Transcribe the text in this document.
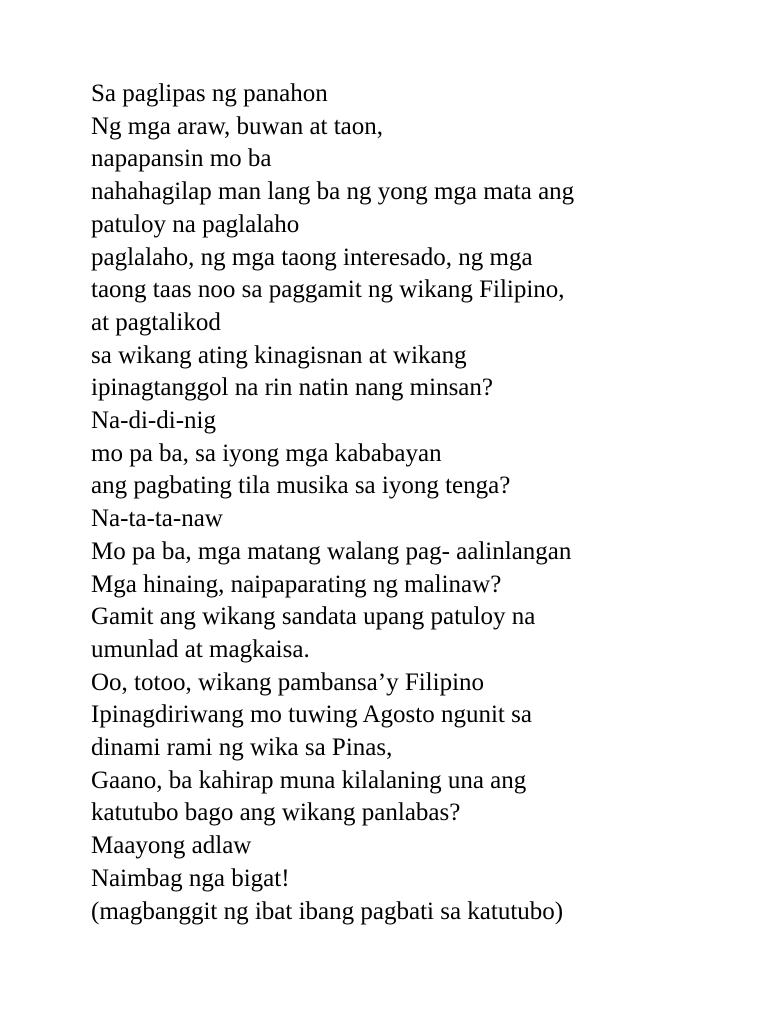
Sa paglipas ng panahon
Ng mga araw, buwan at taon,
napapansin mo ba
nahahagilap man lang ba ng yong mga mata ang
patuloy na paglalaho
paglalaho, ng mga taong interesado, ng mga
taong taas noo sa paggamit ng wikang Filipino,
at pagtalikod
sa wikang ating kinagisnan at wikang
ipinagtanggol na rin natin nang minsan?
Na-di-di-nig
mo pa ba, sa iyong mga kababayan
ang pagbating tila musika sa iyong tenga?
Na-ta-ta-naw
Mo pa ba, mga matang walang pag- aalinlangan
Mga hinaing, naipaparating ng malinaw?
Gamit ang wikang sandata upang patuloy na
umunlad at magkaisa.
Oo, totoo, wikang pambansa’y Filipino
Ipinagdiriwang mo tuwing Agosto ngunit sa
dinami rami ng wika sa Pinas,
Gaano, ba kahirap muna kilalaning una ang
katutubo bago ang wikang panlabas?
Maayong adlaw
Naimbag nga bigat!
(magbanggit ng ibat ibang pagbati sa katutubo)
